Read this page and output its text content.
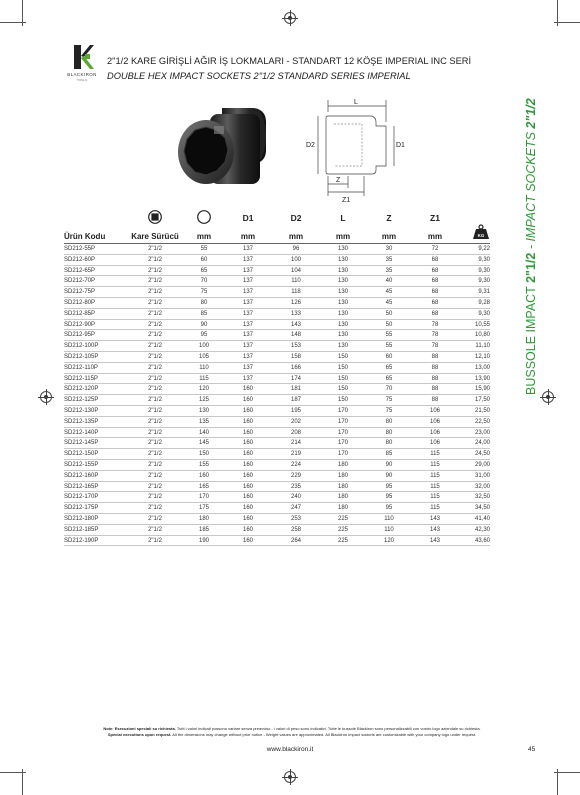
BLACKIRON
TOOLS
2"1/2 KARE GİRİŞLİ AĞIR İŞ LOKMALARI - STANDART 12 KÖŞE IMPERIAL INC SERİ
DOUBLE HEX IMPACT SOCKETS 2"1/2 STANDARD SERIES IMPERIAL
BUSSOLE IMPACT 2"1/2 - IMPACT SOCKETS 2"1/2
L
D2	D1
Z
Z1
D1	D2	L	Z	Z1
Ürün Kodu	Kare Sürücü	mm	mm	mm	mm	mm	mm	KG
SD212-55P	2"1/2	55	137	96	130	30	72	9,22
SD212-60P	2"1/2	60	137	100	130	35	68	9,30
SD212-65P	2"1/2	65	137	104	130	35	68	9,30
SD212-70P	2"1/2	70	137	110	130	40	68	9,30
SD212-75P	2"1/2	75	137	118	130	45	68	9,31
SD212-80P	2"1/2	80	137	126	130	45	68	9,28
SD212-85P	2"1/2	85	137	133	130	50	68	9,30
SD212-90P	2"1/2	90	137	143	130	50	78	10,55
SD212-95P	2"1/2	95	137	148	130	55	78	10,80
SD212-100P	2"1/2	100	137	153	130	55	78	11,10
SD212-105P	2"1/2	105	137	158	150	60	88	12,10
SD212-110P	2"1/2	110	137	166	150	65	88	13,00
SD212-115P	2"1/2	115	137	174	150	65	88	13,90
SD212-120P	2"1/2	120	160	181	150	70	88	15,90
SD212-125P	2"1/2	125	160	187	150	75	88	17,50
SD212-130P	2"1/2	130	160	195	170	75	106	21,50
SD212-135P	2"1/2	135	160	202	170	80	106	22,50
SD212-140P	2"1/2	140	160	208	170	80	106	23,00
SD212-145P	2"1/2	145	160	214	170	80	106	24,00
SD212-150P	2"1/2	150	160	219	170	85	115	24,50
SD212-155P	2"1/2	155	160	224	180	90	115	29,00
SD212-160P	2"1/2	160	160	229	180	90	115	31,00
SD212-165P	2"1/2	165	160	235	180	95	115	32,00
SD212-170P	2"1/2	170	160	240	180	95	115	32,50
SD212-175P	2"1/2	175	160	247	180	95	115	34,50
SD212-180P	2"1/2	180	160	253	225	110	143	41,40
SD212-185P	2"1/2	185	160	258	225	110	143	42,30
SD212-190P	2"1/2	190	160	264	225	120	143	43,60
Note: Esecuzioni speciali su richiesta. Tutti i valori indicati possono variare senza preavviso - i valori di peso sono indicativi. Tutte le bussole Blackiron sono personalizzabili con vostro logo aziendale su richiesta.
Special executions upon request. All the dimensions may change without prior notice - Weight values are approximated. All Blackiron impact sockets are customizable with your company logo under request.
www.blackiron.it	45
